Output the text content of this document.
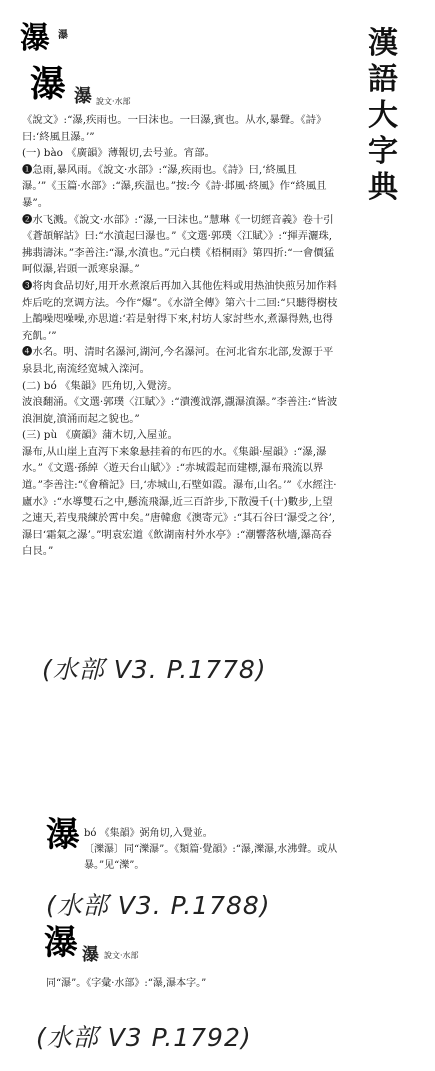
瀑 瀑	漢
語
大
字
典
瀑 瀑 說文·水部
《說文》:“瀑,疾雨也。一曰沫也。一曰瀑,賓也。从水,暴聲。《詩》曰:‘終風且瀑。’”
(一) bào 《廣韻》薄報切,去号並。宵部。
❶急雨,暴风雨。《說文·水部》:“瀑,疾雨也。《詩》曰,‘終風且瀑。’”《玉篇·水部》:“瀑,疾温也。”按:今《詩·邶風·終風》作“終風且暴”。
❷水飞溅。《說文·水部》:“瀑,一曰沫也。”慧琳《一切經音義》卷十引《蒼頡解詁》曰:“水濆起曰瀑也。”《文選·郭璞〈江賦〉》:“揮弄灑珠,拂翡濤沫。”李善注:“瀑,水濆也。”元白樸《梧桐雨》第四折:“一會價猛呵似瀑,岩頭一派寒泉瀑。”
❸将肉食品切好,用开水煮滾后再加入其他佐料或用热油快煎另加作料炸后吃的烹调方法。今作“爆”。《水滸全傳》第六十二回:“只聽得樹枝上鵲噪咫噪噪,亦思道:‘若是射得下來,村坊人家討些水,煮瀑得熟,也得充飢。’”
❹水名。明、清时名瀑河,湖河,今名瀑河。在河北省东北部,发源于平泉县北,南流经宽城入滦河。
(二) bó 《集韻》匹角切,入覺滂。
波浪翻涌。《文選·郭璞〈江賦〉》:“潰濩泧漷,㵾瀑濆瀑。”李善注:“皆波浪洄旋,濆涌而起之貌也。”
(三) pù 《廣韻》蒲木切,入屋並。
瀑布,从山崖上直泻下来象悬挂着的布匹的水。《集韻·屋韻》:“瀑,瀑水。”《文選·孫綽〈遊天台山賦〉》:“赤城霞起而建標,瀑布飛流以界道。”李善注:“《會稽記》曰,‘赤城山,石壁如霞。瀑布,山名。’”《水經注·廬水》:“水導雙石之中,懸流飛瀑,近三百許步,下散漫千(十)數步,上望之連天,若曳飛練於霄中矣。”唐韓愈《澳寄元》:“其石谷曰‘瀑受之谷’,瀑曰‘霜氣之瀑’。”明袁宏道《飲湖南村外水亭》:“潮響落秋墻,瀑高吞白艮。”
(水部 V3. P.1778)
瀑 bó 《集韻》弼角切,入覺並。
〔濼瀑〕同“濼瀑”。《類篇·覺韻》:“瀑,濼瀑,水沸聲。或从暴。”见“濼”。
(水部 V3. P.1788)
瀑 瀑 說文·水部
同“瀑”。《字彙·水部》:“瀑,瀑本字。”
(水部 V3 P.1792)
